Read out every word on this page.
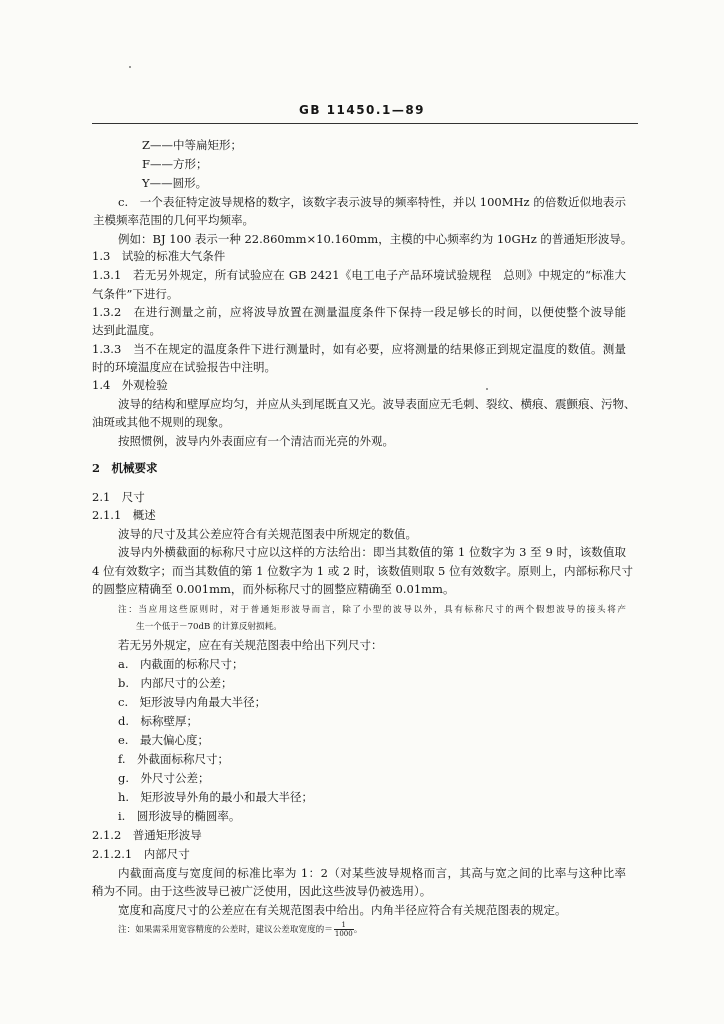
GB 11450.1—89
Z——中等扁矩形；
F——方形；
Y——圆形。
c.　一个表征特定波导规格的数字，该数字表示波导的频率特性，并以 100MHz 的倍数近似地表示
主模频率范围的几何平均频率。
例如：BJ 100 表示一种 22.860mm×10.160mm，主模的中心频率约为 10GHz 的普通矩形波导。
1.3　试验的标准大气条件
1.3.1　若无另外规定，所有试验应在 GB 2421《电工电子产品环境试验规程　总则》中规定的“标准大
气条件”下进行。
1.3.2　在进行测量之前，应将波导放置在测量温度条件下保持一段足够长的时间，以便使整个波导能
达到此温度。
1.3.3　当不在规定的温度条件下进行测量时，如有必要，应将测量的结果修正到规定温度的数值。测量
时的环境温度应在试验报告中注明。
1.4　外观检验
波导的结构和壁厚应均匀，并应从头到尾既直又光。波导表面应无毛刺、裂纹、横痕、震颤痕、污物、
油斑或其他不规则的现象。
按照惯例，波导内外表面应有一个清洁而光亮的外观。
2　机械要求
2.1　尺寸
2.1.1　概述
波导的尺寸及其公差应符合有关规范图表中所规定的数值。
波导内外横截面的标称尺寸应以这样的方法给出：即当其数值的第 1 位数字为 3 至 9 时，该数值取
4 位有效数字；而当其数值的第 1 位数字为 1 或 2 时，该数值则取 5 位有效数字。原则上，内部标称尺寸
的圆整应精确至 0.001mm，而外标称尺寸的圆整应精确至 0.01mm。
注：当应用这些原则时，对于普通矩形波导而言，除了小型的波导以外，具有标称尺寸的两个假想波导的接头将产
生一个低于－70dB 的计算反射损耗。
若无另外规定，应在有关规范图表中给出下列尺寸：
a.　内截面的标称尺寸；
b.　内部尺寸的公差；
c.　矩形波导内角最大半径；
d.　标称壁厚；
e.　最大偏心度；
f.　外截面标称尺寸；
g.　外尺寸公差；
h.　矩形波导外角的最小和最大半径；
i.　圆形波导的椭圆率。
2.1.2　普通矩形波导
2.1.2.1　内部尺寸
内截面高度与宽度间的标准比率为 1：2（对某些波导规格而言，其高与宽之间的比率与这种比率
稍为不同。由于这些波导已被广泛使用，因此这些波导仍被选用）。
宽度和高度尺寸的公差应在有关规范图表中给出。内角半径应符合有关规范图表的规定。
注：如果需采用宽容精度的公差时，建议公差取宽度的＝ $\frac{1}{1000}$ 。
